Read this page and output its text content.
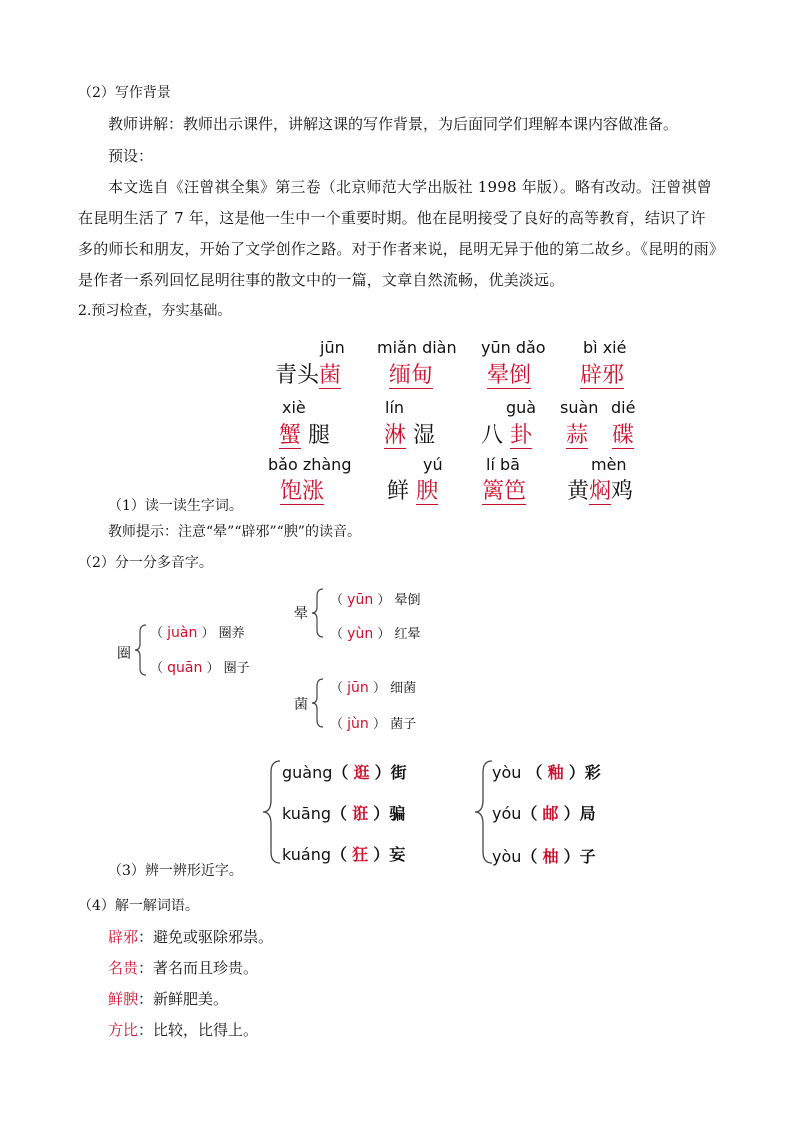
（2）写作背景
教师讲解：教师出示课件，讲解这课的写作背景，为后面同学们理解本课内容做准备。
预设：
本文选自《汪曾祺全集》第三卷（北京师范大学出版社 1998 年版）。略有改动。汪曾祺曾在昆明生活了 7 年，这是他一生中一个重要时期。他在昆明接受了良好的高等教育，结识了许多的师长和朋友，开始了文学创作之路。对于作者来说，昆明无异于他的第二故乡。《昆明的雨》是作者一系列回忆昆明往事的散文中的一篇，文章自然流畅，优美淡远。
2.预习检查，夯实基础。
jūn
青头菌
miǎn diàn
缅甸
yūn dǎo
晕倒
bì xié
辟邪
xiè
蟹 腿
lín
淋 湿
guà
八 卦
suàn
蒜
dié
碟
bǎo zhàng
饱涨
yú
鲜 腴
lí bā
篱笆
mèn
黄焖鸡
（1）读一读生字词。
教师提示：注意“晕”“辟邪”“腴”的读音。
（2）分一分多音字。
圈
（ juàn ） 圈养
（ quān ） 圈子
晕
（ yūn ） 晕倒
（ yùn ） 红晕
菌
（ jūn ） 细菌
（ jùn ） 菌子
guàng（ 逛 ）街
kuāng（ 诳 ）骗
kuáng（ 狂 ）妄
yòu （ 釉 ）彩
yóu（ 邮 ）局
yòu（ 柚 ）子
（3）辨一辨形近字。
（4）解一解词语。
辟邪：避免或驱除邪祟。
名贵：著名而且珍贵。
鲜腴：新鲜肥美。
方比：比较，比得上。
